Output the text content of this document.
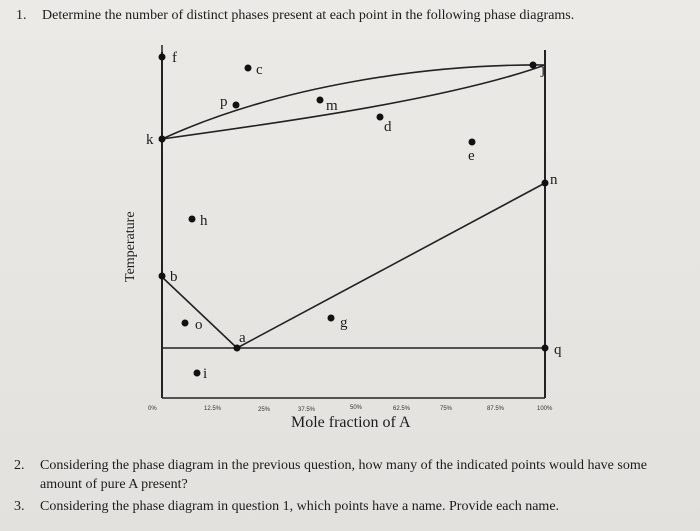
1. Determine the number of distinct phases present at each point in the following phase diagrams.
f
c
p	m
d
j
k
e
n
h
b
o
a
g
q
i
Temperature
Mole fraction of A
0%	12.5%	25%	37.5%	50%	62.5%	75%	87.5%	100%
2. Considering the phase diagram in the previous question, how many of the indicated points would have some amount of pure A present?
3. Considering the phase diagram in question 1, which points have a name. Provide each name.
